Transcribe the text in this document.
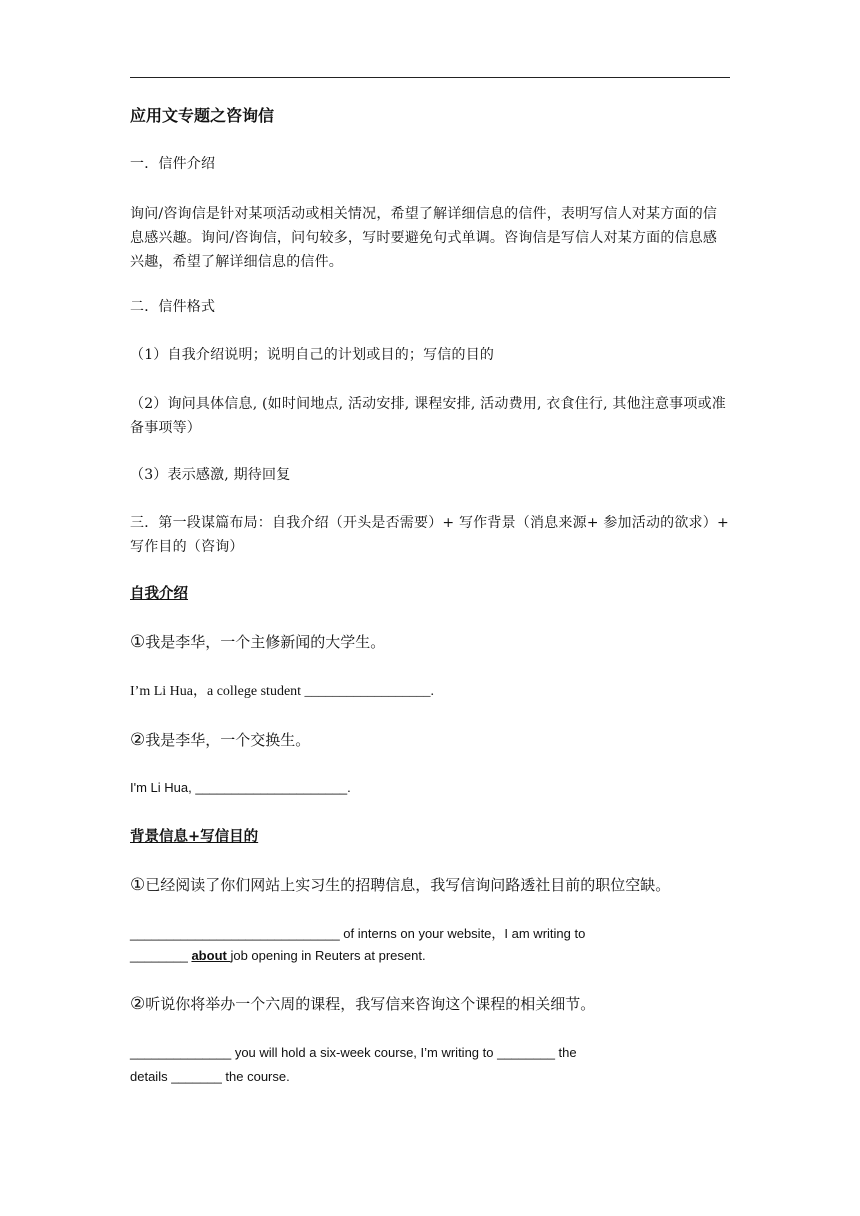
应用文专题之咨询信

一．信件介绍

询问/咨询信是针对某项活动或相关情况，希望了解详细信息的信件，表明写信人对某方面的信息感兴趣。询问/咨询信，问句较多，写时要避免句式单调。咨询信是写信人对某方面的信息感兴趣，希望了解详细信息的信件。

二．信件格式

（1）自我介绍说明；说明自己的计划或目的；写信的目的

（2）询问具体信息, (如时间地点, 活动安排, 课程安排, 活动费用, 衣食住行, 其他注意事项或准备事项等）

（3）表示感激, 期待回复

三．第一段谋篇布局：自我介绍（开头是否需要）+ 写作背景（消息来源+ 参加活动的欲求）+ 写作目的（咨询）

自我介绍

①我是李华，一个主修新闻的大学生。

I’m Li Hua，a college student __________________.

②我是李华，一个交换生。

I'm Li Hua, _____________________.

背景信息+写信目的

①已经阅读了你们网站上实习生的招聘信息，我写信询问路透社目前的职位空缺。

_____________________________ of interns on your website，I am writing to

________ about job opening in Reuters at present.

②听说你将举办一个六周的课程，我写信来咨询这个课程的相关细节。

______________ you will hold a six-week course, I’m writing to ________ the

details _______ the course.
